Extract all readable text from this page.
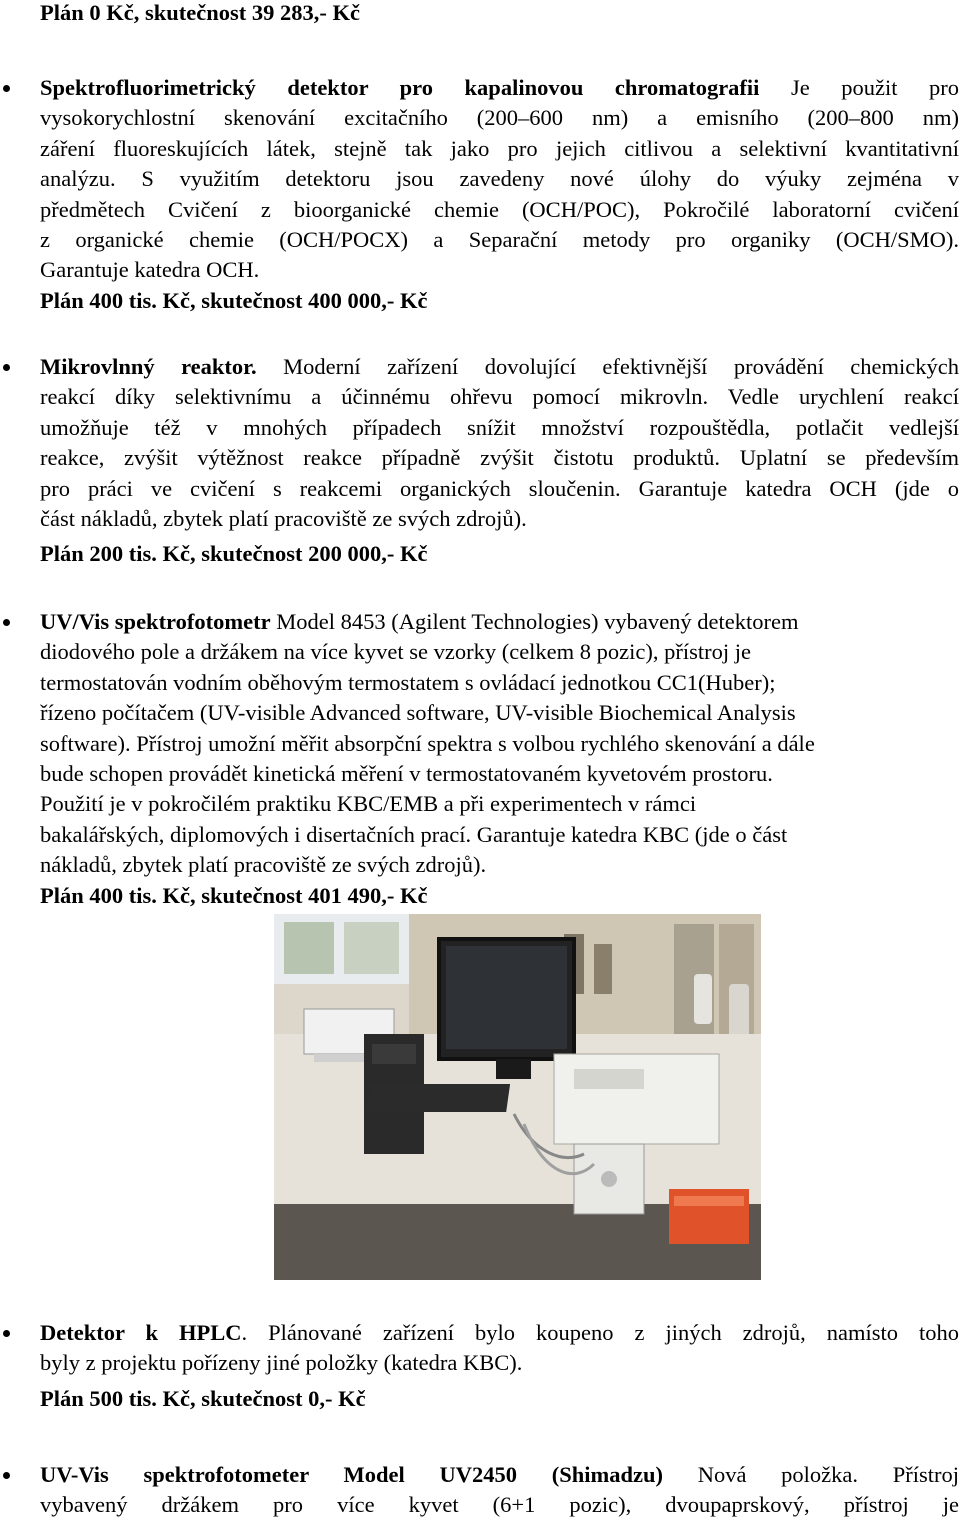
Plán 0 Kč, skutečnost 39 283,- Kč
Spektrofluorimetrický detektor pro kapalinovou chromatografii Je použit pro
vysokorychlostní skenování excitačního (200–600 nm) a emisního (200–800 nm)
záření fluoreskujících látek, stejně tak jako pro jejich citlivou a selektivní kvantitativní
analýzu. S využitím detektoru jsou zavedeny nové úlohy do výuky zejména v
předmětech Cvičení z bioorganické chemie (OCH/POC), Pokročilé laboratorní cvičení
z organické chemie (OCH/POCX) a Separační metody pro organiky (OCH/SMO).
Garantuje katedra OCH.
Plán 400 tis. Kč, skutečnost 400 000,- Kč
Mikrovlnný reaktor. Moderní zařízení dovolující efektivnější provádění chemických
reakcí díky selektivnímu a účinnému ohřevu pomocí mikrovln. Vedle urychlení reakcí
umožňuje též v mnohých případech snížit množství rozpouštědla, potlačit vedlejší
reakce, zvýšit výtěžnost reakce případně zvýšit čistotu produktů. Uplatní se především
pro práci ve cvičení s reakcemi organických sloučenin. Garantuje katedra OCH (jde o
část nákladů, zbytek platí pracoviště ze svých zdrojů).
Plán 200 tis. Kč, skutečnost 200 000,- Kč
UV/Vis spektrofotometr Model 8453 (Agilent Technologies) vybavený detektorem
diodového pole a držákem na více kyvet se vzorky (celkem 8 pozic), přístroj je
termostatován vodním oběhovým termostatem s ovládací jednotkou CC1(Huber);
řízeno počítačem (UV-visible Advanced software, UV-visible Biochemical Analysis
software). Přístroj umožní měřit absorpční spektra s volbou rychlého skenování a dále
bude schopen provádět kinetická měření v termostatovaném kyvetovém prostoru.
Použití je v pokročilém praktiku KBC/EMB a při experimentech v rámci
bakalářských, diplomových i disertačních prací. Garantuje katedra KBC (jde o část
nákladů, zbytek platí pracoviště ze svých zdrojů).
Plán 400 tis. Kč, skutečnost 401 490,- Kč
Detektor k HPLC. Plánované zařízení bylo koupeno z jiných zdrojů, namísto toho
byly z projektu pořízeny jiné položky (katedra KBC).
Plán 500 tis. Kč, skutečnost 0,- Kč
UV-Vis spektrofotometer Model UV2450 (Shimadzu) Nová položka. Přístroj
vybavený držákem pro více kyvet (6+1 pozic), dvoupaprskový, přístroj je
